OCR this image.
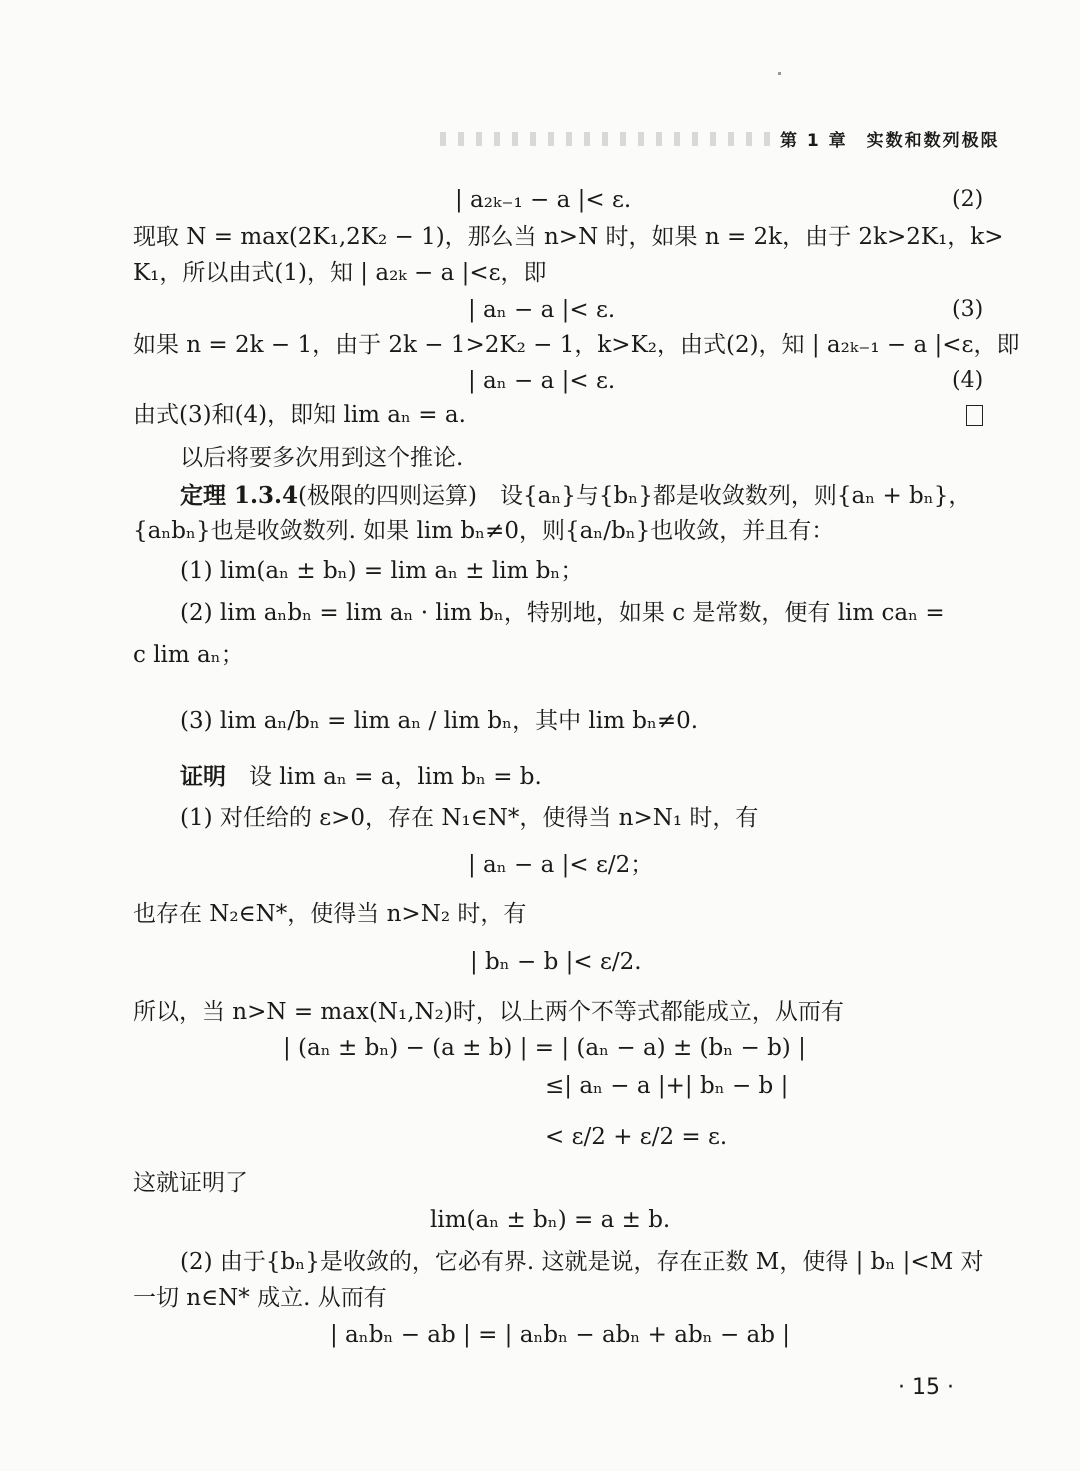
第 1 章　实数和数列极限
| a₂ₖ₋₁ − a |< ε.	(2)
现取 N = max(2K₁,2K₂ − 1)，那么当 n>N 时，如果 n = 2k，由于 2k>2K₁，k>
K₁，所以由式(1)，知 | a₂ₖ − a |<ε，即
| aₙ − a |< ε.	(3)
如果 n = 2k − 1，由于 2k − 1>2K₂ − 1，k>K₂，由式(2)，知 | a₂ₖ₋₁ − a |<ε，即
| aₙ − a |< ε.	(4)
由式(3)和(4)，即知 lim aₙ = a.
以后将要多次用到这个推论.
定理 1.3.4(极限的四则运算)　设{aₙ}与{bₙ}都是收敛数列，则{aₙ + bₙ}，
{aₙbₙ}也是收敛数列. 如果 lim bₙ≠0，则{aₙ/bₙ}也收敛，并且有：
(1) lim(aₙ ± bₙ) = lim aₙ ± lim bₙ；
(2) lim aₙbₙ = lim aₙ · lim bₙ，特别地，如果 c 是常数，便有 lim caₙ =
c lim aₙ；
(3) lim aₙ/bₙ = lim aₙ / lim bₙ，其中 lim bₙ≠0.
证明　 设 lim aₙ = a，lim bₙ = b.
(1) 对任给的 ε>0，存在 N₁∈N*，使得当 n>N₁ 时，有
| aₙ − a |< ε/2；
也存在 N₂∈N*，使得当 n>N₂ 时，有
| bₙ − b |< ε/2.
所以，当 n>N = max(N₁,N₂)时，以上两个不等式都能成立，从而有
| (aₙ ± bₙ) − (a ± b) | = | (aₙ − a) ± (bₙ − b) |
≤| aₙ − a |+| bₙ − b |
< ε/2 + ε/2 = ε.
这就证明了
lim(aₙ ± bₙ) = a ± b.
(2) 由于{bₙ}是收敛的，它必有界. 这就是说，存在正数 M，使得 | bₙ |<M 对
一切 n∈N* 成立. 从而有
| aₙbₙ − ab | = | aₙbₙ − abₙ + abₙ − ab |
· 15 ·
